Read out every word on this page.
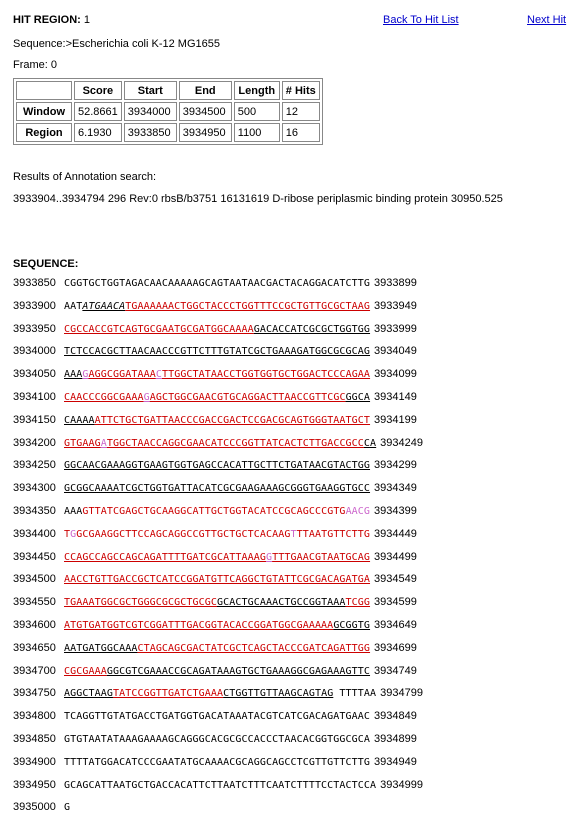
HIT REGION: 1	Back To Hit List	Next Hit
Sequence:>Escherichia coli K-12 MG1655
Frame: 0
	Score	Start	End	Length	# Hits
Window	52.8661	3934000	3934500	500	12
Region	6.1930	3933850	3934950	1100	16
Results of Annotation search:
3933904..3934794 296 Rev:0 rbsB/b3751 16131619 D-ribose periplasmic binding protein 30950.525
SEQUENCE:
3933850 CGGTGCTGGTAGACAACAAAAAGCAGTAATAACGACTACAGGACATCTTG 3933899
3933900 AATATGAACATGAAAAAACTGGCTACCCTGGTTTCCGCTGTTGCGCTAAG 3933949
3933950 CGCCACCGTCAGTGCGAATGCGATGGCAAAAGACACCATCGCGCTGGTGG 3933999
3934000 TCTCCACGCTTAACAACCCGTTCTTTGTATCGCTGAAAGATGGCGCGCAG 3934049
3934050 AAAGAGGCGGATAAACTTGGCTATAACCTGGTGGTGCTGGACTCCCAGAA 3934099
3934100 CAACCCGGCGAAAGAGCTGGCGAACGTGCAGGACTTAACCGTTCGCGGCA 3934149
3934150 CAAAAATTCTGCTGATTAACCCGACCGACTCCGACGCAGTGGGTAATGCT 3934199
3934200 GTGAAGATGGCTAACCAGGCGAACATCCCGGTTATCACTCTTGACCGCCCA 3934249
3934250 GGCAACGAAAGGTGAAGTGGTGAGCCACATTGCTTCTGATAACGTACTGG 3934299
3934300 GCGGCAAAATCGCTGGTGATTACATCGCGAAGAAAGCGGGTGAAGGTGCC 3934349
3934350 AAAGTTATCGAGCTGCAAGGCATTGCTGGTACATCCGCAGCCCGTGAACG 3934399
3934400 TGGCGAAGGCTTCCAGCAGGCCGTTGCTGCTCACAAGTTTAATGTTCTTG 3934449
3934450 CCAGCCAGCCAGCAGATTTTGATCGCATTAAAGGTTTGAACGTAATGCAG 3934499
3934500 AACCTGTTGACCGCTCATCCGGATGTTCAGGCTGTATTCGCGACAGATGA 3934549
3934550 TGAAATGGCGCTGGGCGCGCTGCGCGCACTGCAAACTGCCGGTAAATCGG 3934599
3934600 ATGTGATGGTCGTCGGATTTGACGGTACACCGGATGGCGAAAAAGCGGTG 3934649
3934650 AATGATGGCAAACTAGCAGCGACTATCGCTCAGCTACCCGATCAGATTGG 3934699
3934700 CGCGAAAGGCGTCGAAACCGCAGATAAAGTGCTGAAAGGCGAGAAAGTTC 3934749
3934750 AGGCTAAGTATCCGGTTGATCTGAAACTGGTTGTTAAGCAGTAG TTTTAA 3934799
3934800 TCAGGTTGTATGACCTGATGGTGACATAAATACGTCATCGACAGATGAAC 3934849
3934850 GTGTAATATAAAGAAAAGCAGGGCACGCGCCACCCTAACACGGTGGCGCA 3934899
3934900 TTTTATGGACATCCCGAATATGCAAAACGCAGGCAGCCTCGTTGTTCTTG 3934949
3934950 GCAGCATTAATGCTGACCACATTCTTAATCTTTCAATCTTTTCCTACTCCA 3934999
3935000 G
